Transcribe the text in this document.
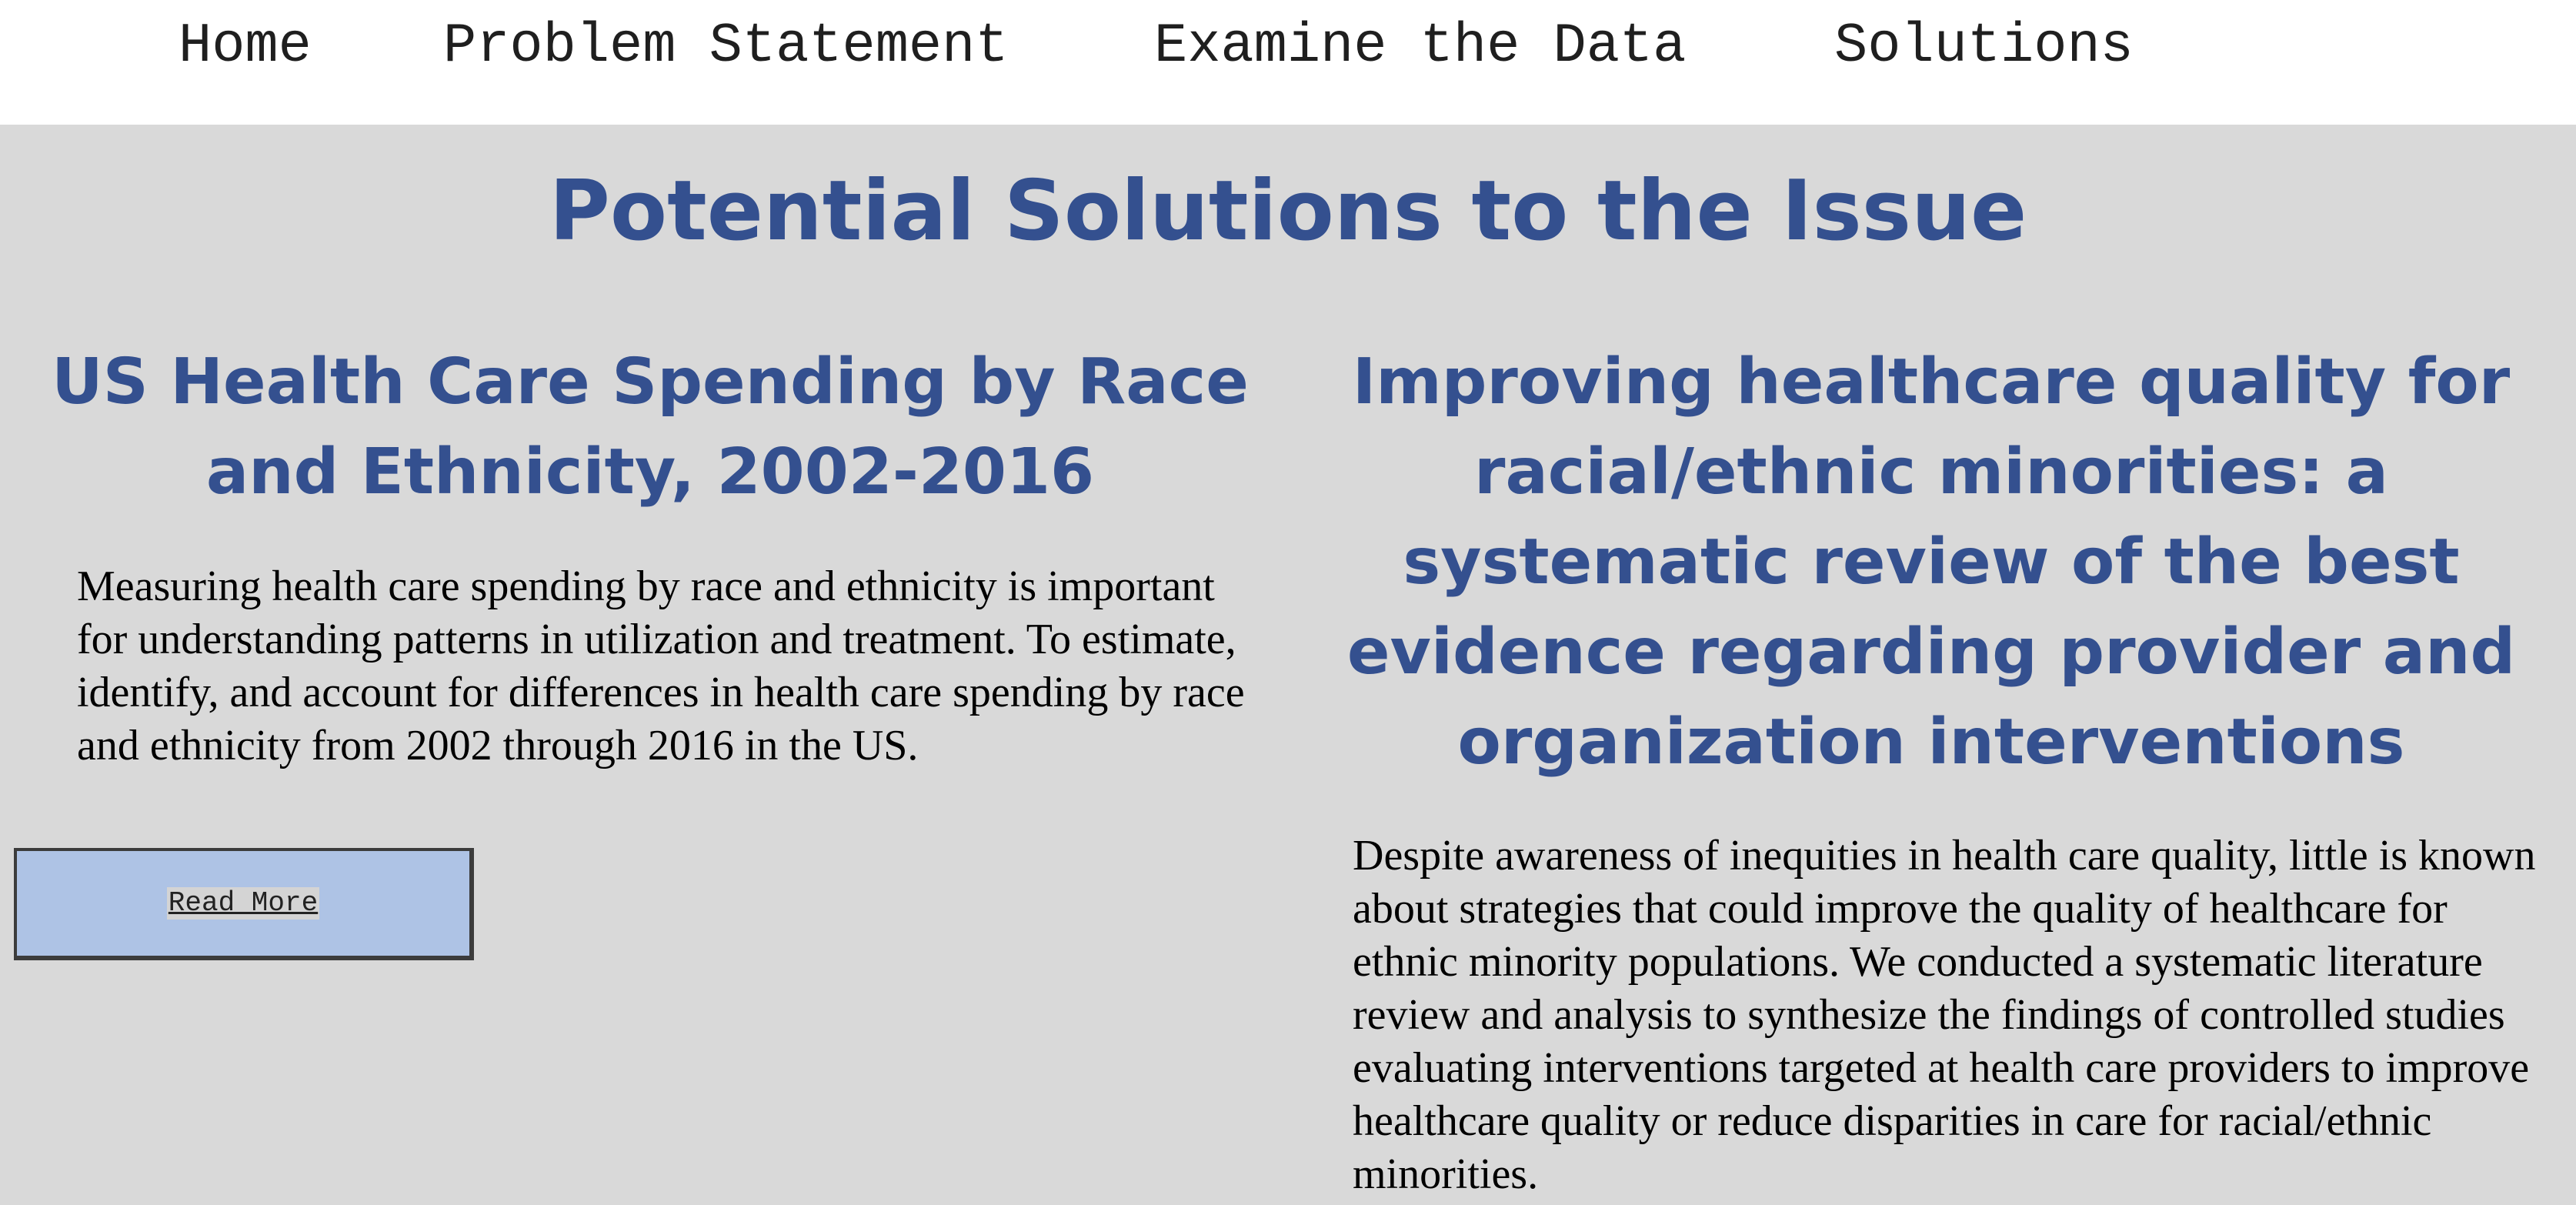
Home Problem Statement	Examine the Data	Solutions
Potential Solutions to the Issue
US Health Care Spending by Race and Ethnicity, 2002-2016

Measuring health care spending by race and ethnicity is important for understanding patterns in utilization and treatment. To estimate, identify, and account for differences in health care spending by race and ethnicity from 2002 through 2016 in the US.

Read More
Improving healthcare quality for racial/ethnic minorities: a systematic review of the best evidence regarding provider and organization interventions

Despite awareness of inequities in health care quality, little is known about strategies that could improve the quality of healthcare for ethnic minority populations. We conducted a systematic literature review and analysis to synthesize the findings of controlled studies evaluating interventions targeted at health care providers to improve healthcare quality or reduce disparities in care for racial/ethnic minorities.
